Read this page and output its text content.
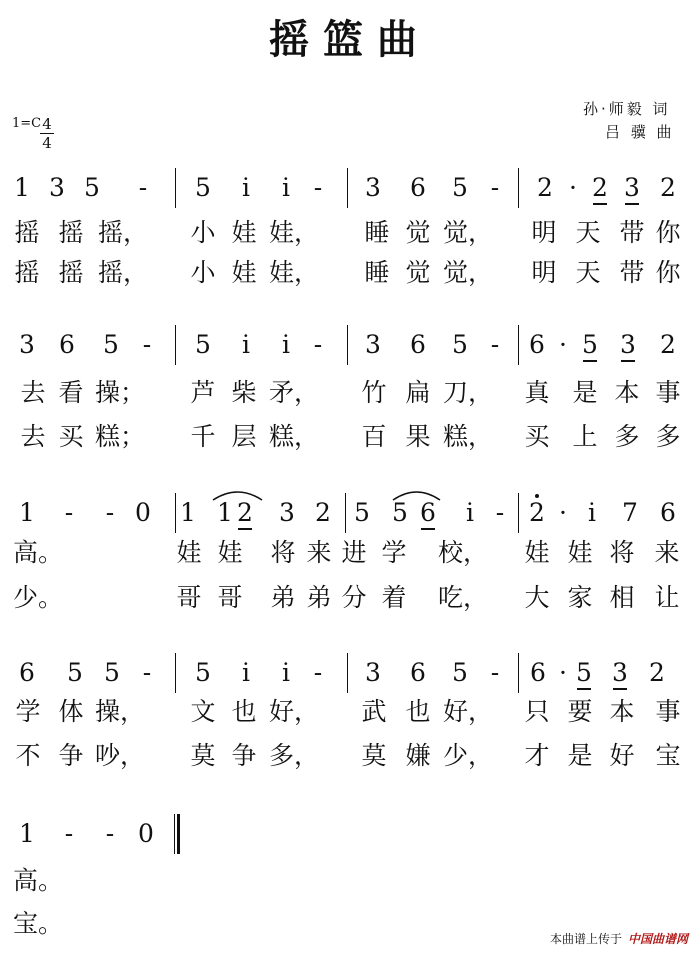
摇篮曲
孙·师毅 词
吕 骥 曲
1=C 4
4
1 3 5	-	5	i	i -	3 6 5 -	2 · 2 3 2
摇 摇 摇， 小 娃 娃， 睡 觉 觉， 明 天 带 你
摇 摇 摇， 小 娃 娃， 睡 觉 觉， 明 天 带 你
3 6 5 -	5	i	i -	3 6 5 -	6 · 5 3 2
去 看 操； 芦 柴 矛， 竹 扁 刀， 真 是 本 事
去 买 糕； 千 层 糕， 百 果 糕， 买 上 多 多
1	-	- 0 1 1 2 3 2 5 5 6	i - 2 · i	7 6
高。	娃 娃 将 来 进 学 校， 娃 娃 将 来
少。	哥 哥 弟 弟 分 着 吃， 大 家 相 让
6 5 5 -	5	i	i -	3 6 5 -	6 · 5 3 2
学 体 操， 文 也 好， 武 也 好， 只 要 本 事
不 争 吵， 莫 争 多， 莫 嫌 少， 才 是 好 宝
1	-	- 0
高。
宝。
本曲谱上传于 中国曲谱网
